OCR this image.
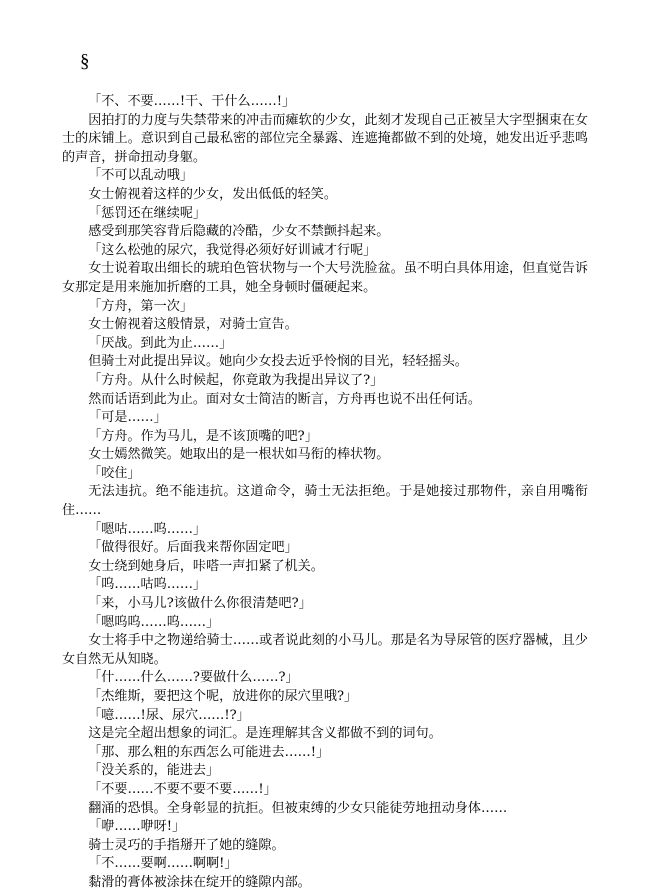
§

「不、不要……!干、干什么……!」

因拍打的力度与失禁带来的冲击而瘫软的少女，此刻才发现自己正被呈大字型捆束在女士的床铺上。意识到自己最私密的部位完全暴露、连遮掩都做不到的处境，她发出近乎悲鸣的声音，拼命扭动身躯。

「不可以乱动哦」

女士俯视着这样的少女，发出低低的轻笑。

「惩罚还在继续呢」

感受到那笑容背后隐藏的冷酷，少女不禁颤抖起来。

「这么松弛的尿穴，我觉得必须好好训诫才行呢」

女士说着取出细长的琥珀色管状物与一个大号洗脸盆。虽不明白具体用途，但直觉告诉女那定是用来施加折磨的工具，她全身顿时僵硬起来。

「方舟，第一次」

女士俯视着这般情景，对骑士宣告。

「厌战。到此为止……」

但骑士对此提出异议。她向少女投去近乎怜悯的目光，轻轻摇头。

「方舟。从什么时候起，你竟敢为我提出异议了?」

然而话语到此为止。面对女士简洁的断言，方舟再也说不出任何话。

「可是……」

「方舟。作为马儿，是不该顶嘴的吧?」

女士嫣然微笑。她取出的是一根状如马衔的棒状物。

「咬住」

无法违抗。绝不能违抗。这道命令，骑士无法拒绝。于是她接过那物件，亲自用嘴衔住……

「嗯咕……呜……」

「做得很好。后面我来帮你固定吧」

女士绕到她身后，咔嗒一声扣紧了机关。

「呜……咕呜……」

「来，小马儿?该做什么你很清楚吧?」

「嗯呜呜……呜……」

女士将手中之物递给骑士……或者说此刻的小马儿。那是名为导尿管的医疗器械，且少女自然无从知晓。

「什……什么……?要做什么……?」

「杰维斯，要把这个呢，放进你的尿穴里哦?」

「噫……!尿、尿穴……!?」

这是完全超出想象的词汇。是连理解其含义都做不到的词句。

「那、那么粗的东西怎么可能进去……!」

「没关系的，能进去」

「不要……不要不要不要……!」

翻涌的恐惧。全身彰显的抗拒。但被束缚的少女只能徒劳地扭动身体……

「咿……咿呀!」

骑士灵巧的手指掰开了她的缝隙。

「不……要啊……啊啊!」

黏滑的膏体被涂抹在绽开的缝隙内部。
